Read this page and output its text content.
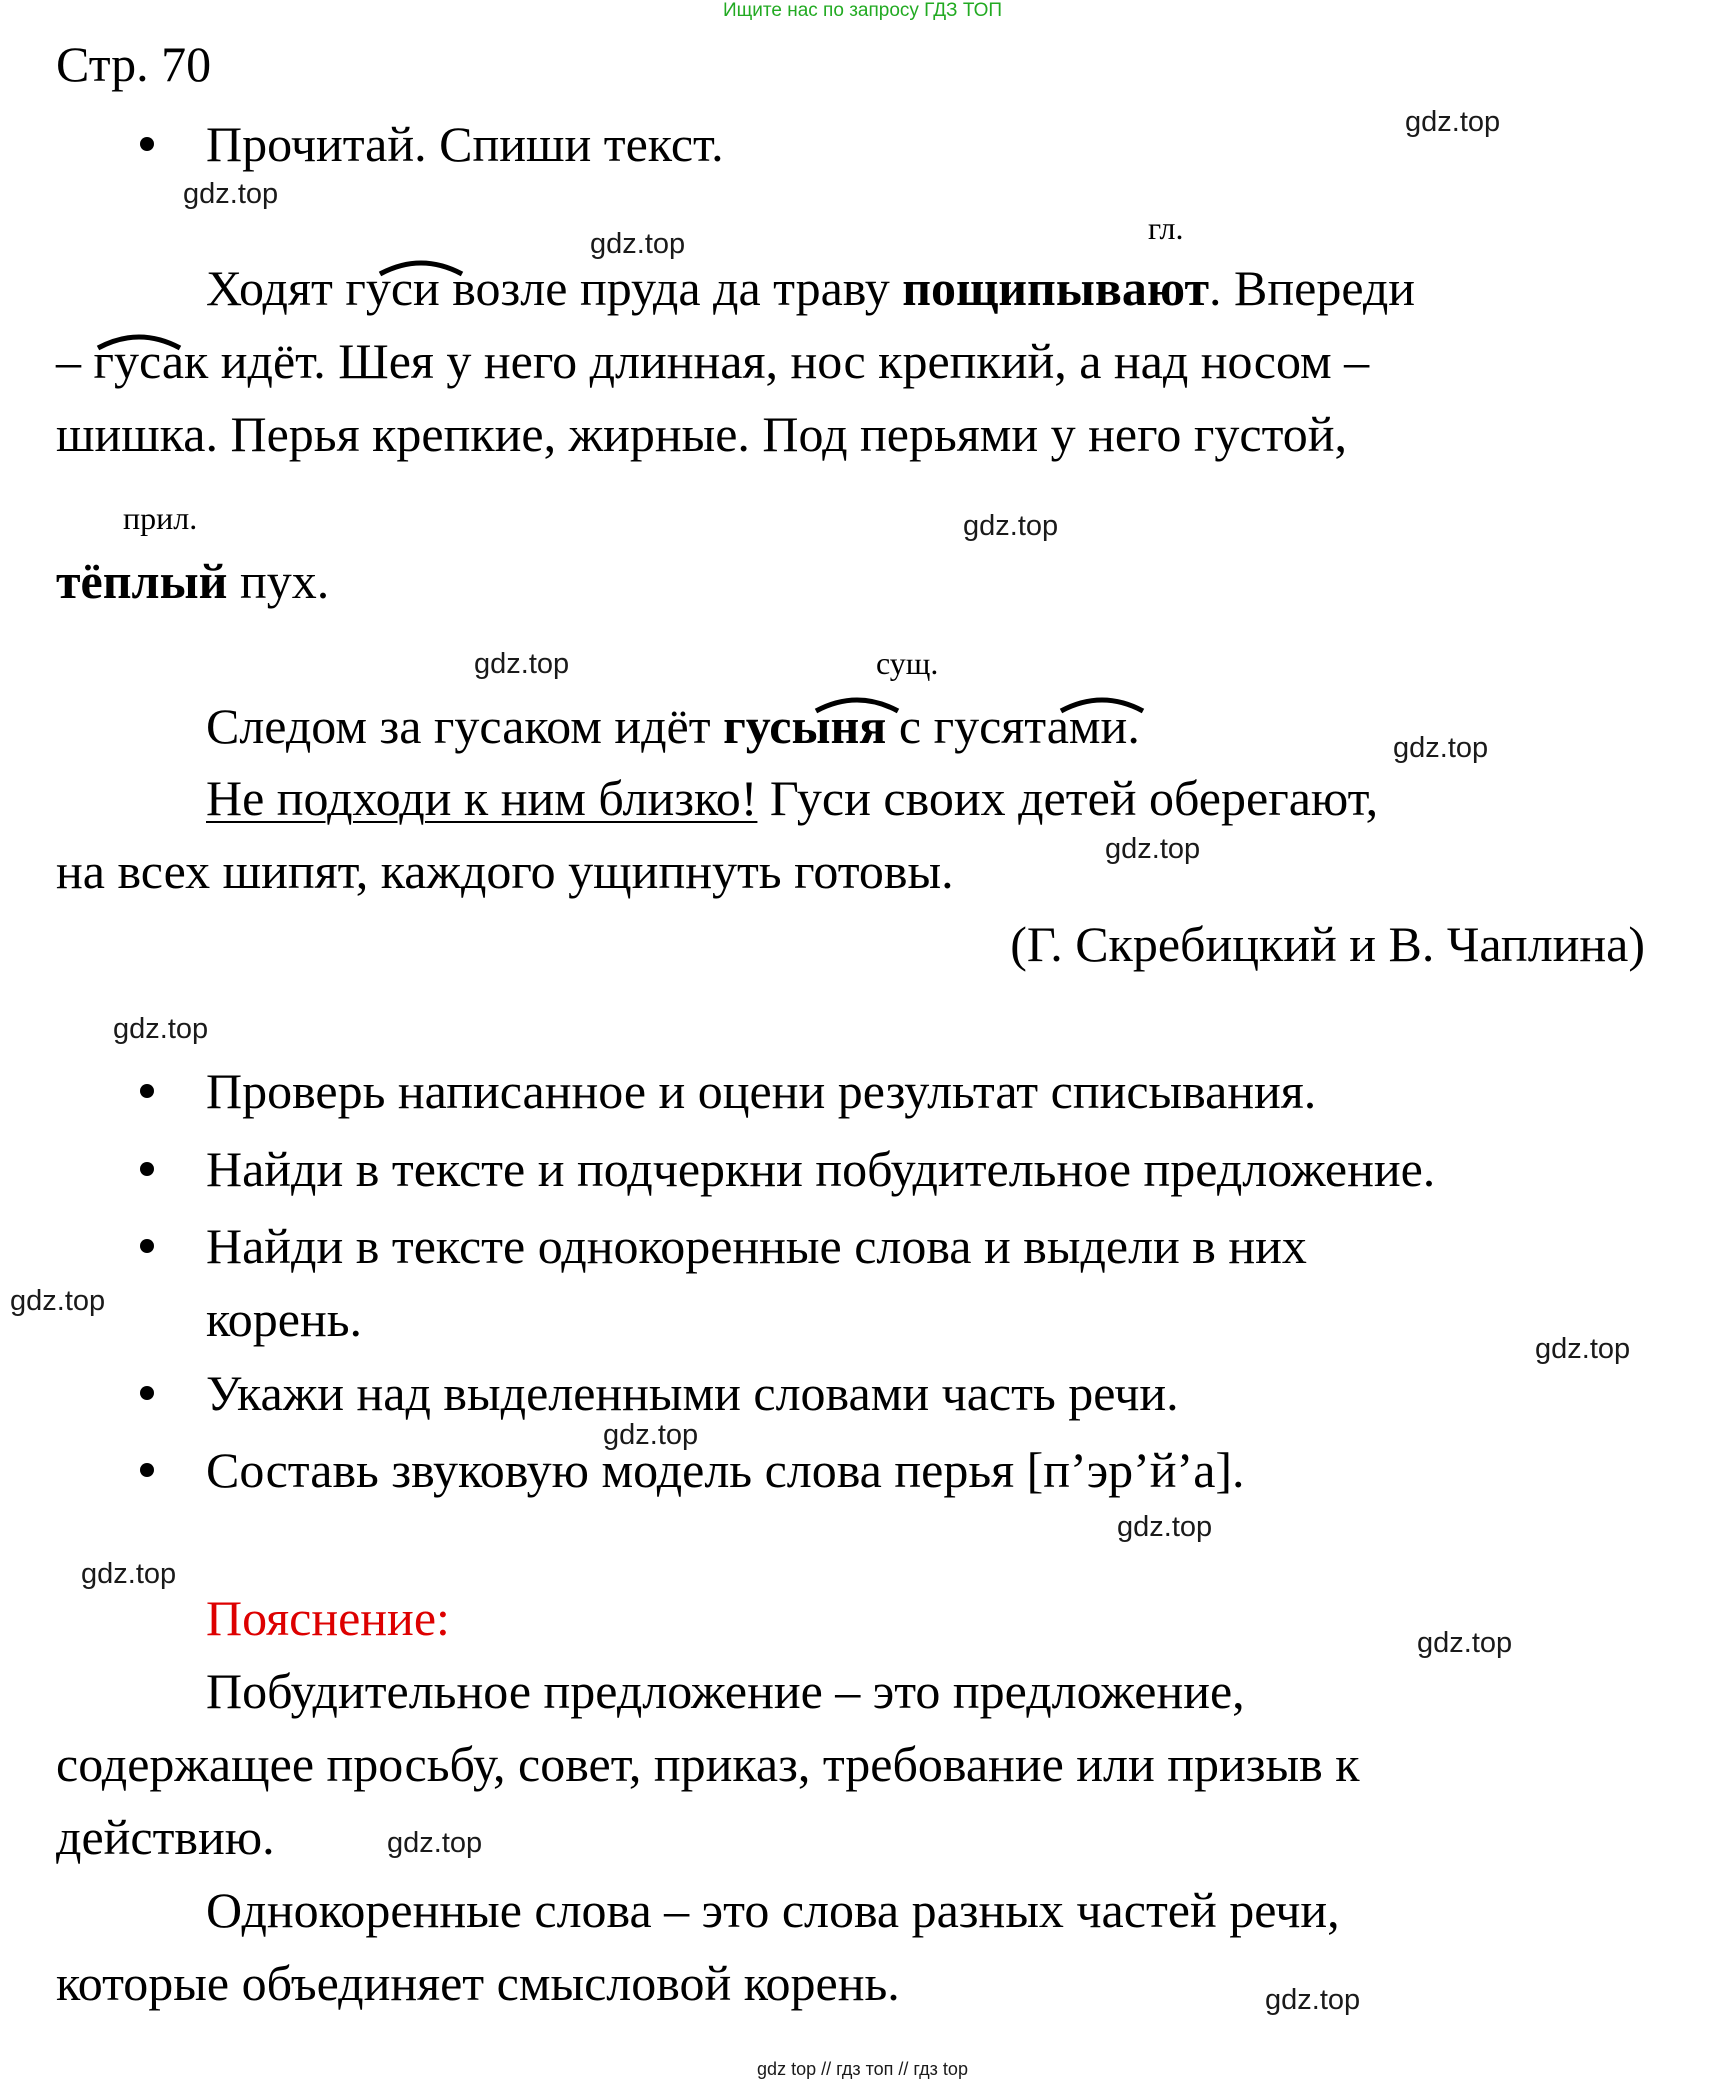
Ищите нас по запросу ГДЗ ТОП
Стр. 70
Прочитай. Спиши текст.	gdz.top
gdz.top
gdz.top
gdz.top
gdz.top
gdz.top
gdz.top
gdz.top
gdz.top
gdz.top
gdz.top
gdz.top
gdz.top
gdz.top
gdz.top
gdz.top
гл.
прил.
сущ.
Ходят гуси возле пруда да траву пощипывают. Впереди
– гусак идёт. Шея у него длинная, нос крепкий, а над носом –
шишка. Перья крепкие, жирные. Под перьями у него густой,
тёплый пух.
Следом за гусаком идёт гусыня с гусятами.
Не подходи к ним близко! Гуси своих детей оберегают,
на всех шипят, каждого ущипнуть готовы.
(Г. Скребицкий и В. Чаплина)
Проверь написанное и оцени результат списывания.
Найди в тексте и подчеркни побудительное предложение.
Найди в тексте однокоренные слова и выдели в них
корень.
Укажи над выделенными словами часть речи.
Составь звуковую модель слова перья [п’эр’й’а].
Пояснение:
Побудительное предложение – это предложение,
содержащее просьбу, совет, приказ, требование или призыв к
действию.
Однокоренные слова – это слова разных частей речи,
которые объединяет смысловой корень.
gdz top // гдз топ // гдз top
